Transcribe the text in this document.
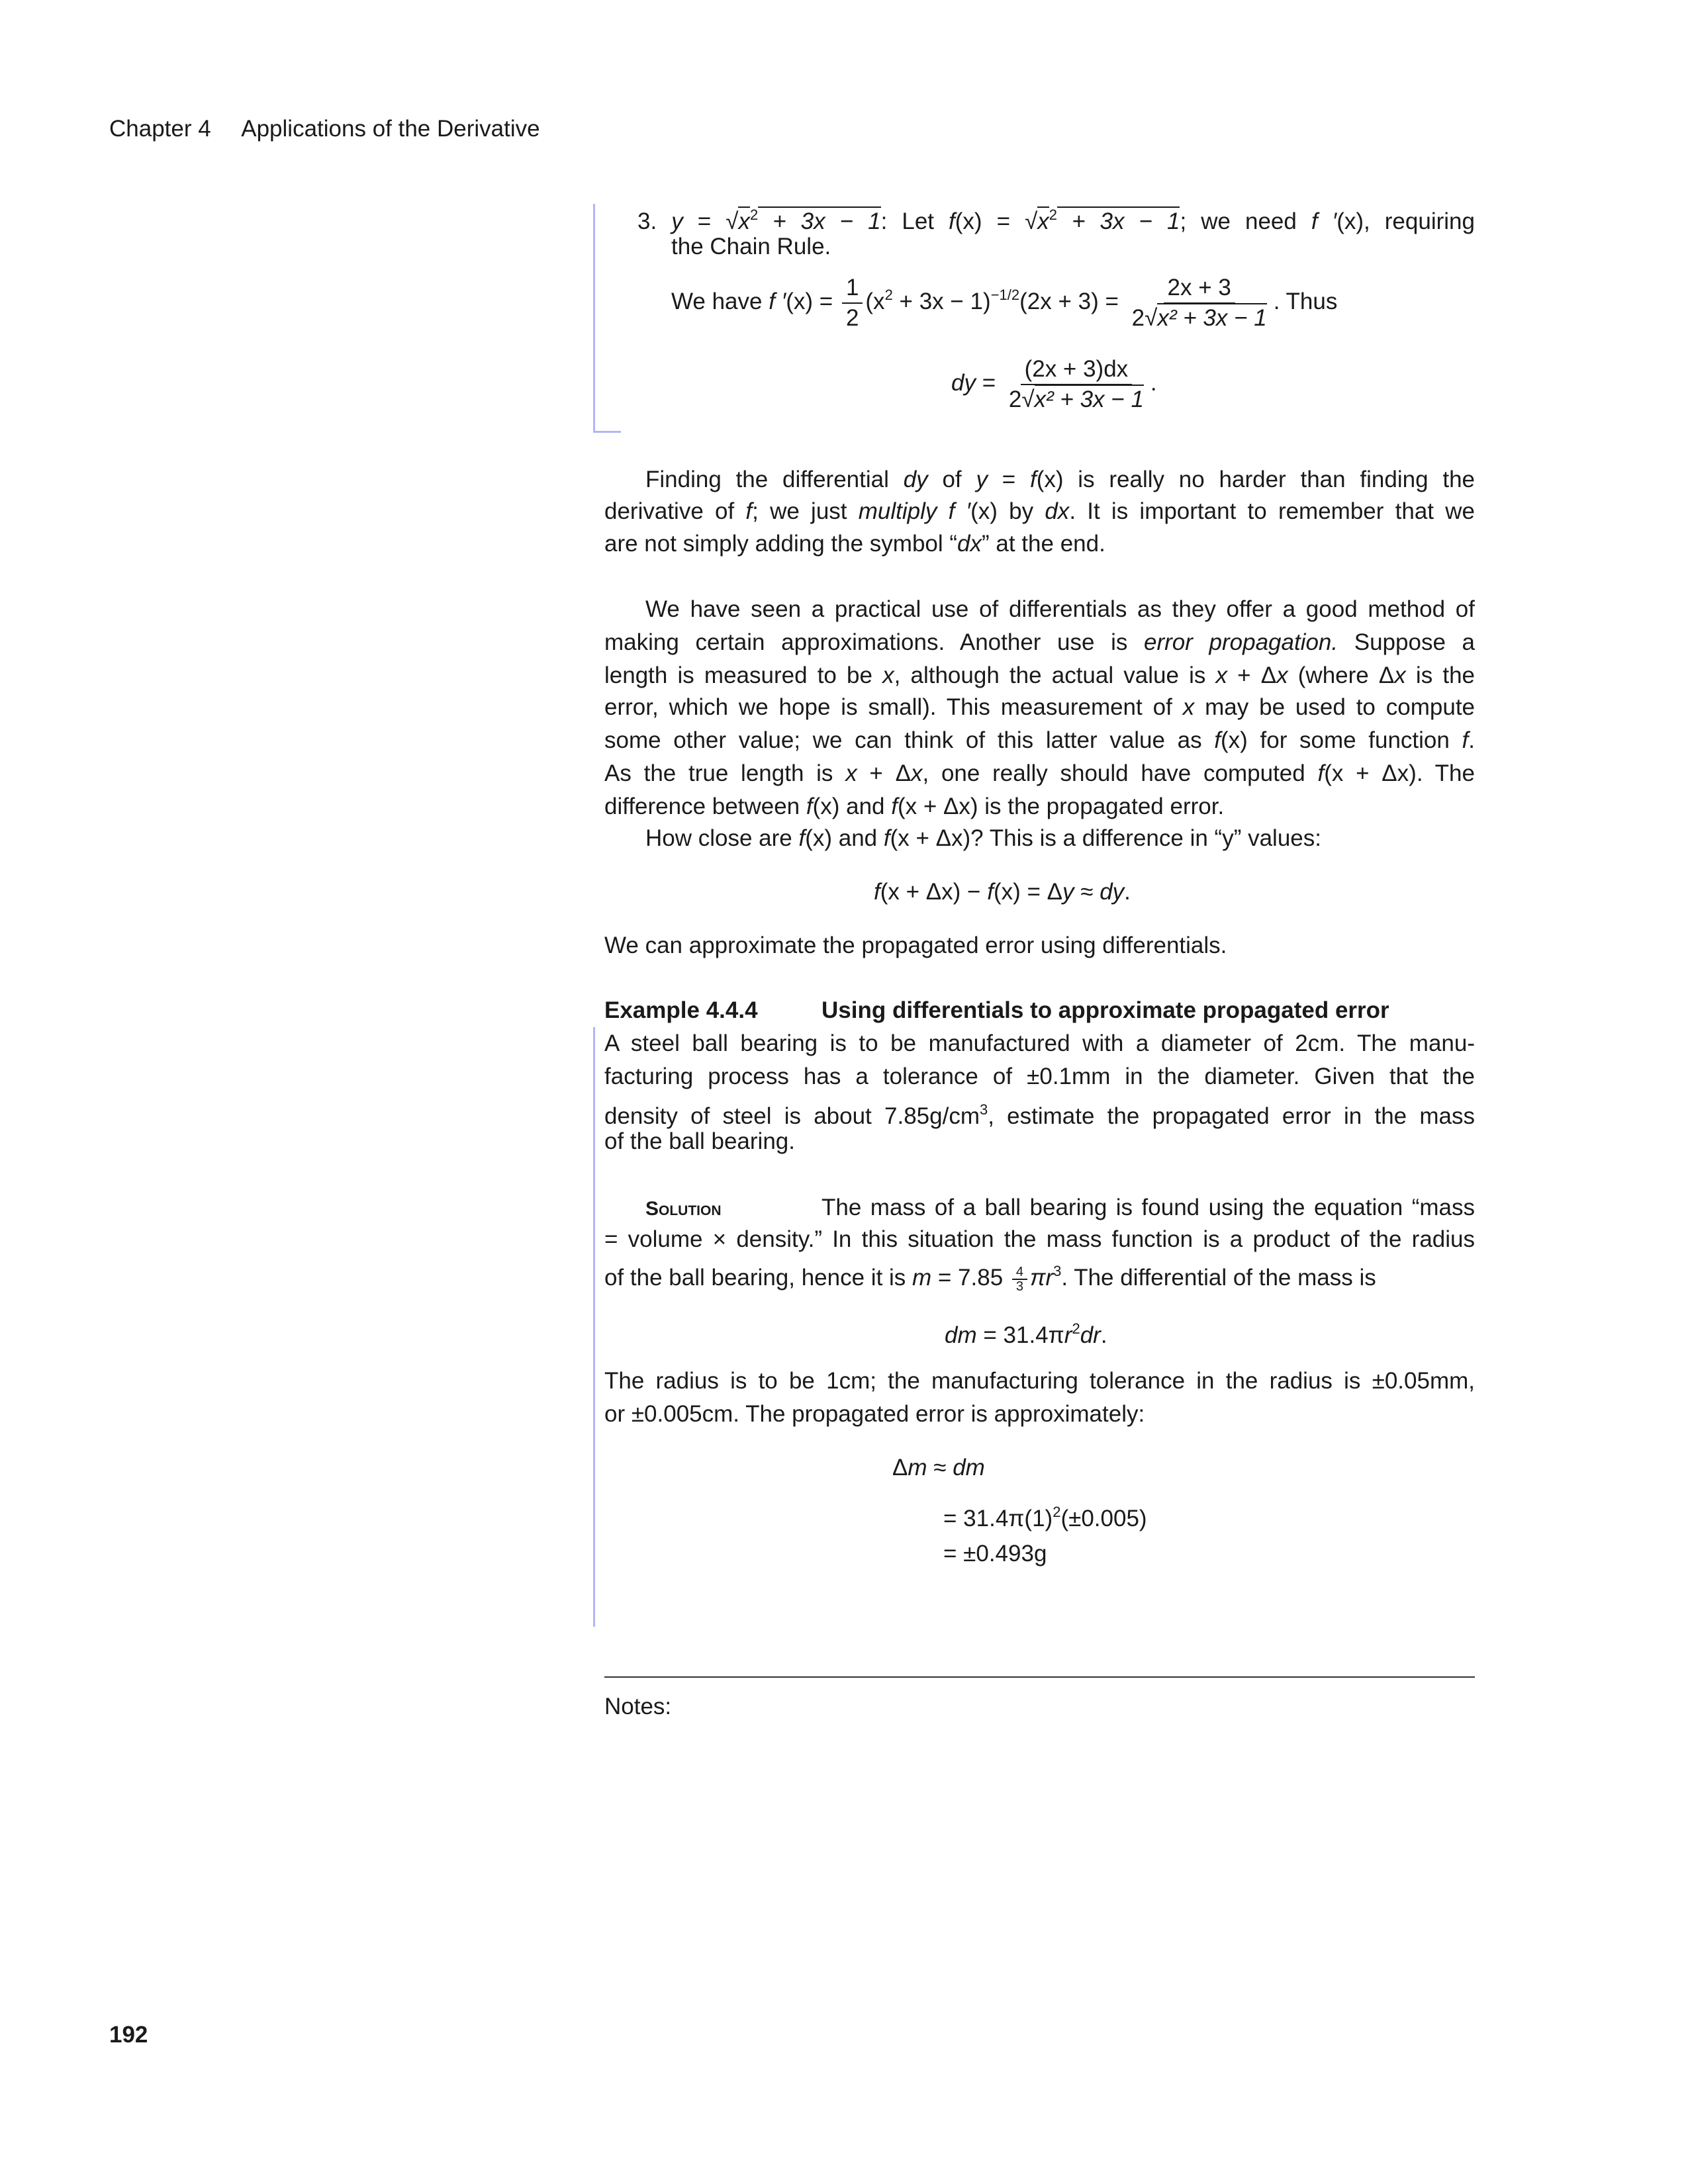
Chapter 4 Applications of the Derivative
3. $y = √x^2 + 3x - 1$: Let $f(x) = √x^2 + 3x - 1$; we need f ′(x), requiring
the Chain Rule.
We have f $'(x) = \frac{1}{2} (x^2 + 3x - 1)^{-1/2}(2x + 3) = \frac{2x + 3}{\text{2√x² + 3x − 1}}$ . Thus
dy = $\frac{(2x + 3)dx}{\text{2√x² + 3x − 1}}$ .
Finding the differential dy of y = f(x) is really no harder than finding the
derivative of f; we just multiply f ′(x) by dx. It is important to remember that we
are not simply adding the symbol “dx” at the end.
We have seen a practical use of differentials as they offer a good method of
making certain approximations. Another use is error propagation. Suppose a
length is measured to be x, although the actual value is x + Δx (where Δx is the
error, which we hope is small). This measurement of x may be used to compute
some other value; we can think of this latter value as f(x) for some function f.
As the true length is x + Δx, one really should have computed f(x + Δx). The
difference between f(x) and f(x + Δx) is the propagated error.
How close are f(x) and f(x + Δx)? This is a difference in “y” values:
f(x + Δx) − f(x) = Δy ≈ dy.
We can approximate the propagated error using differentials.
Example 4.4.4	Using differentials to approximate propagated error
A steel ball bearing is to be manufactured with a diameter of 2cm. The manu-
facturing process has a tolerance of ±0.1mm in the diameter. Given that the
density of steel is about $7.85g/cm^3$, estimate the propagated error in the mass
of the ball bearing.
Solution	The mass of a ball bearing is found using the equation “mass
= volume × density.” In this situation the mass function is a product of the radius
of the ball bearing, hence it is $m = 7.85 \frac{4}{3} \pi r^3$. The differential of the mass is
dm = $31.4\pi r^2dr$.
The radius is to be 1cm; the manufacturing tolerance in the radius is ±0.05mm,
or ±0.005cm. The propagated error is approximately:
Δm ≈ dm
= $31.4\pi(1)^2(\pm 0.005)$
= ±0.493g
Notes:
192
